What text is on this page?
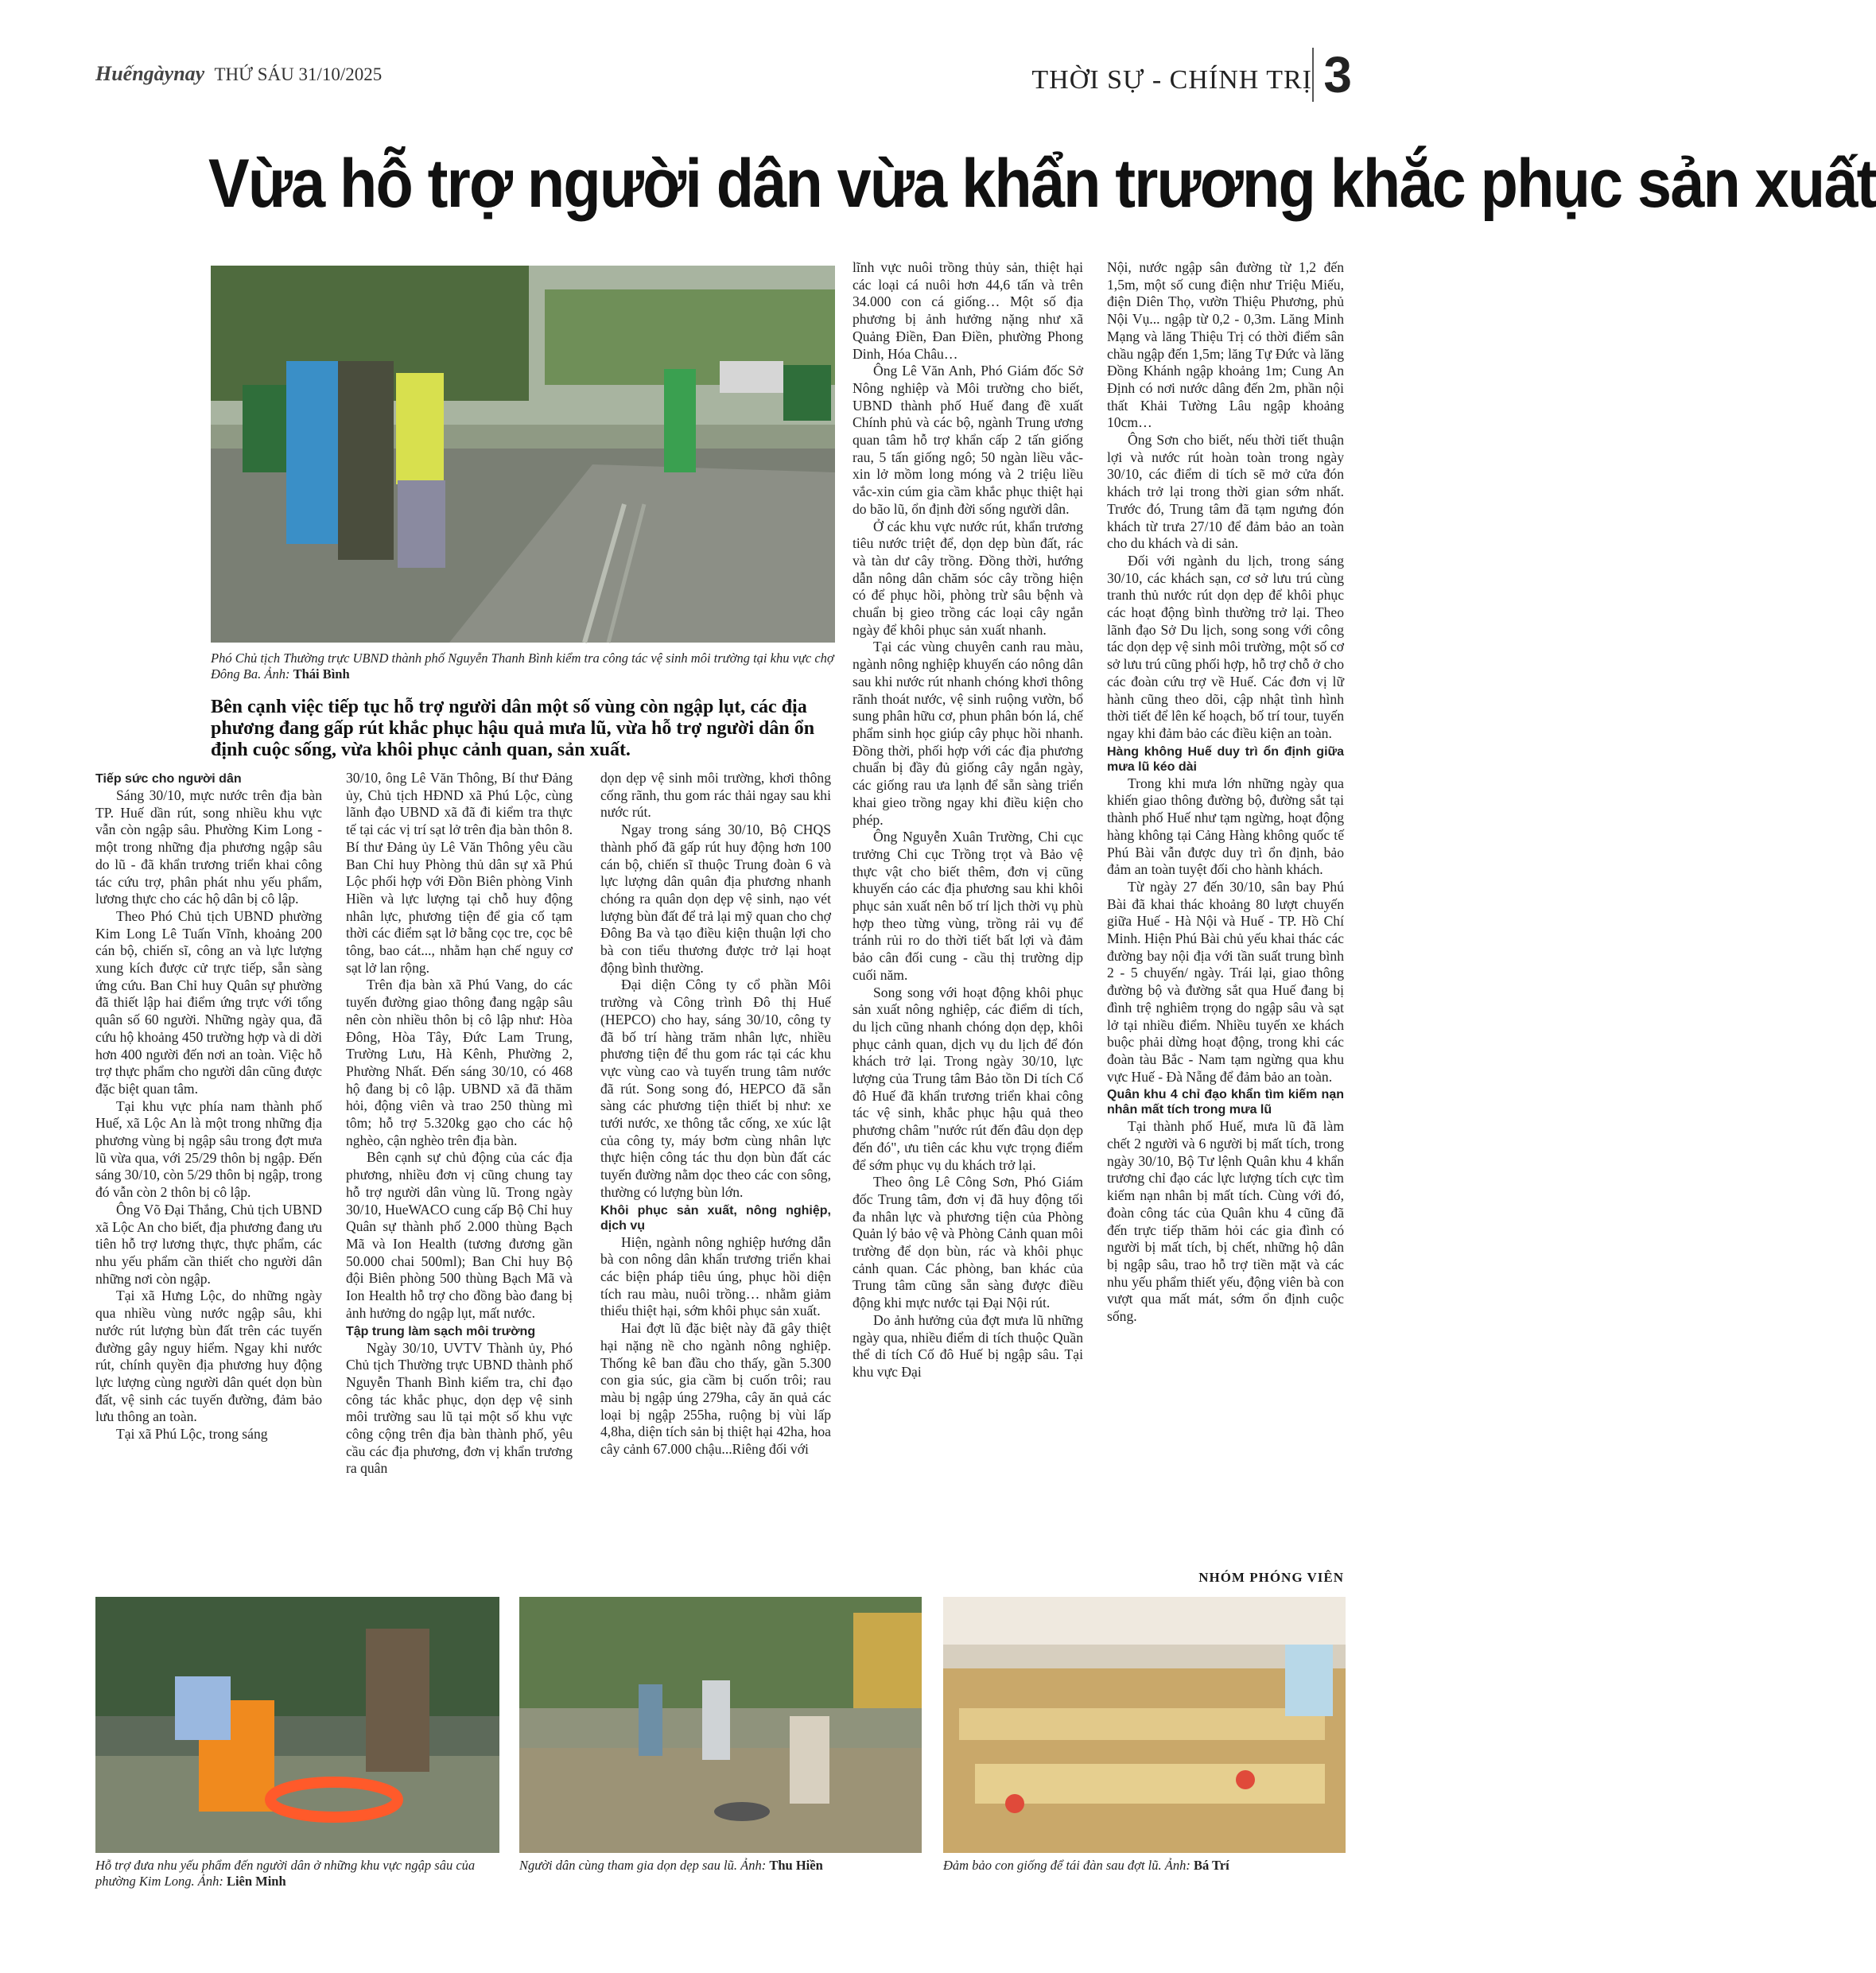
Huếngàynay THỨ SÁU 31/10/2025	THỜI SỰ - CHÍNH TRỊ 3
Vừa hỗ trợ người dân vừa khẩn trương khắc phục sản xuất
Phó Chủ tịch Thường trực UBND thành phố Nguyễn Thanh Bình kiểm tra công tác vệ sinh môi trường tại khu vực chợ Đông Ba. Ảnh: Thái Bình
Bên cạnh việc tiếp tục hỗ trợ người dân một số vùng còn ngập lụt, các địa phương đang gấp rút khắc phục hậu quả mưa lũ, vừa hỗ trợ người dân ổn định cuộc sống, vừa khôi phục cảnh quan, sản xuất.
Tiếp sức cho người dân

Sáng 30/10, mực nước trên địa bàn TP. Huế dần rút, song nhiều khu vực vẫn còn ngập sâu. Phường Kim Long - một trong những địa phương ngập sâu do lũ - đã khẩn trương triển khai công tác cứu trợ, phân phát nhu yếu phẩm, lương thực cho các hộ dân bị cô lập.

Theo Phó Chủ tịch UBND phường Kim Long Lê Tuấn Vĩnh, khoảng 200 cán bộ, chiến sĩ, công an và lực lượng xung kích được cử trực tiếp, sẵn sàng ứng cứu. Ban Chỉ huy Quân sự phường đã thiết lập hai điểm ứng trực với tổng quân số 60 người. Những ngày qua, đã cứu hộ khoảng 450 trường hợp và di dời hơn 400 người đến nơi an toàn. Việc hỗ trợ thực phẩm cho người dân cũng được đặc biệt quan tâm.

Tại khu vực phía nam thành phố Huế, xã Lộc An là một trong những địa phương vùng bị ngập sâu trong đợt mưa lũ vừa qua, với 25/29 thôn bị ngập. Đến sáng 30/10, còn 5/29 thôn bị ngập, trong đó vẫn còn 2 thôn bị cô lập.

Ông Võ Đại Thắng, Chủ tịch UBND xã Lộc An cho biết, địa phương đang ưu tiên hỗ trợ lương thực, thực phẩm, các nhu yếu phẩm cần thiết cho người dân những nơi còn ngập.

Tại xã Hưng Lộc, do những ngày qua nhiều vùng nước ngập sâu, khi nước rút lượng bùn đất trên các tuyến đường gây nguy hiểm. Ngay khi nước rút, chính quyền địa phương huy động lực lượng cùng người dân quét dọn bùn đất, vệ sinh các tuyến đường, đảm bảo lưu thông an toàn.

Tại xã Phú Lộc, trong sáng

30/10, ông Lê Văn Thông, Bí thư Đảng ủy, Chủ tịch HĐND xã Phú Lộc, cùng lãnh đạo UBND xã đã đi kiểm tra thực tế tại các vị trí sạt lở trên địa bàn thôn 8. Bí thư Đảng ủy Lê Văn Thông yêu cầu Ban Chỉ huy Phòng thủ dân sự xã Phú Lộc phối hợp với Đồn Biên phòng Vinh Hiền và lực lượng tại chỗ huy động nhân lực, phương tiện để gia cố tạm thời các điểm sạt lở bằng cọc tre, cọc bê tông, bao cát..., nhằm hạn chế nguy cơ sạt lở lan rộng.

Trên địa bàn xã Phú Vang, do các tuyến đường giao thông đang ngập sâu nên còn nhiều thôn bị cô lập như: Hòa Đông, Hòa Tây, Đức Lam Trung, Trường Lưu, Hà Kênh, Phường 2, Phường Nhất. Đến sáng 30/10, có 468 hộ đang bị cô lập. UBND xã đã thăm hỏi, động viên và trao 250 thùng mì tôm; hỗ trợ 5.320kg gạo cho các hộ nghèo, cận nghèo trên địa bàn.

Bên cạnh sự chủ động của các địa phương, nhiều đơn vị cũng chung tay hỗ trợ người dân vùng lũ. Trong ngày 30/10, HueWACO cung cấp Bộ Chỉ huy Quân sự thành phố 2.000 thùng Bạch Mã và Ion Health (tương đương gần 50.000 chai 500ml); Ban Chỉ huy Bộ đội Biên phòng 500 thùng Bạch Mã và Ion Health hỗ trợ cho đồng bào đang bị ảnh hưởng do ngập lụt, mất nước.

Tập trung làm sạch môi trường

Ngày 30/10, UVTV Thành ủy, Phó Chủ tịch Thường trực UBND thành phố Nguyễn Thanh Bình kiểm tra, chỉ đạo công tác khắc phục, dọn dẹp vệ sinh môi trường sau lũ tại một số khu vực công cộng trên địa bàn thành phố, yêu cầu các địa phương, đơn vị khẩn trương ra quân

dọn dẹp vệ sinh môi trường, khơi thông cống rãnh, thu gom rác thải ngay sau khi nước rút.

Ngay trong sáng 30/10, Bộ CHQS thành phố đã gấp rút huy động hơn 100 cán bộ, chiến sĩ thuộc Trung đoàn 6 và lực lượng dân quân địa phương nhanh chóng ra quân dọn dẹp vệ sinh, nạo vét lượng bùn đất để trả lại mỹ quan cho chợ Đông Ba và tạo điều kiện thuận lợi cho bà con tiểu thương được trở lại hoạt động bình thường.

Đại diện Công ty cổ phần Môi trường và Công trình Đô thị Huế (HEPCO) cho hay, sáng 30/10, công ty đã bố trí hàng trăm nhân lực, nhiều phương tiện để thu gom rác tại các khu vực vùng cao và tuyến trung tâm nước đã rút. Song song đó, HEPCO đã sẵn sàng các phương tiện thiết bị như: xe tưới nước, xe thông tắc cống, xe xúc lật của công ty, máy bơm cùng nhân lực thực hiện công tác thu dọn bùn đất các tuyến đường nằm dọc theo các con sông, thường có lượng bùn lớn.

Khôi phục sản xuất, nông nghiệp, dịch vụ

Hiện, ngành nông nghiệp hướng dẫn bà con nông dân khẩn trương triển khai các biện pháp tiêu úng, phục hồi diện tích rau màu, nuôi trồng… nhằm giảm thiểu thiệt hại, sớm khôi phục sản xuất.

Hai đợt lũ đặc biệt này đã gây thiệt hại nặng nề cho ngành nông nghiệp. Thống kê ban đầu cho thấy, gần 5.300 con gia súc, gia cầm bị cuốn trôi; rau màu bị ngập úng 279ha, cây ăn quả các loại bị ngập 255ha, ruộng bị vùi lấp 4,8ha, diện tích sản bị thiệt hại 42ha, hoa cây cảnh 67.000 chậu...Riêng đối với

lĩnh vực nuôi trồng thủy sản, thiệt hại các loại cá nuôi hơn 44,6 tấn và trên 34.000 con cá giống… Một số địa phương bị ảnh hưởng nặng như xã Quảng Điền, Đan Điền, phường Phong Dinh, Hóa Châu…

Ông Lê Văn Anh, Phó Giám đốc Sở Nông nghiệp và Môi trường cho biết, UBND thành phố Huế đang đề xuất Chính phủ và các bộ, ngành Trung ương quan tâm hỗ trợ khẩn cấp 2 tấn giống rau, 5 tấn giống ngô; 50 ngàn liều vắc-xin lở mồm long móng và 2 triệu liều vắc-xin cúm gia cầm khắc phục thiệt hại do bão lũ, ổn định đời sống người dân.

Ở các khu vực nước rút, khẩn trương tiêu nước triệt để, dọn dẹp bùn đất, rác và tàn dư cây trồng. Đồng thời, hướng dẫn nông dân chăm sóc cây trồng hiện có để phục hồi, phòng trừ sâu bệnh và chuẩn bị gieo trồng các loại cây ngắn ngày để khôi phục sản xuất nhanh.

Tại các vùng chuyên canh rau màu, ngành nông nghiệp khuyến cáo nông dân sau khi nước rút nhanh chóng khơi thông rãnh thoát nước, vệ sinh ruộng vườn, bổ sung phân hữu cơ, phun phân bón lá, chế phẩm sinh học giúp cây phục hồi nhanh. Đồng thời, phối hợp với các địa phương chuẩn bị đầy đủ giống cây ngắn ngày, các giống rau ưa lạnh để sẵn sàng triển khai gieo trồng ngay khi điều kiện cho phép.

Ông Nguyễn Xuân Trường, Chi cục trưởng Chi cục Trồng trọt và Bảo vệ thực vật cho biết thêm, đơn vị cũng khuyến cáo các địa phương sau khi khôi phục sản xuất nên bố trí lịch thời vụ phù hợp theo từng vùng, trồng rải vụ để tránh rủi ro do thời tiết bất lợi và đảm bảo cân đối cung - cầu thị trường dịp cuối năm.

Song song với hoạt động khôi phục sản xuất nông nghiệp, các điểm di tích, du lịch cũng nhanh chóng dọn dẹp, khôi phục cảnh quan, dịch vụ du lịch để đón khách trở lại. Trong ngày 30/10, lực lượng của Trung tâm Bảo tồn Di tích Cố đô Huế đã khẩn trương triển khai công tác vệ sinh, khắc phục hậu quả theo phương châm "nước rút đến đâu dọn dẹp đến đó", ưu tiên các khu vực trọng điểm để sớm phục vụ du khách trở lại.

Theo ông Lê Công Sơn, Phó Giám đốc Trung tâm, đơn vị đã huy động tối đa nhân lực và phương tiện của Phòng Quản lý bảo vệ và Phòng Cảnh quan môi trường để dọn bùn, rác và khôi phục cảnh quan. Các phòng, ban khác của Trung tâm cũng sẵn sàng được điều động khi mực nước tại Đại Nội rút.

Do ảnh hưởng của đợt mưa lũ những ngày qua, nhiều điểm di tích thuộc Quần thể di tích Cố đô Huế bị ngập sâu. Tại khu vực Đại

Nội, nước ngập sân đường từ 1,2 đến 1,5m, một số cung điện như Triệu Miếu, điện Diên Thọ, vườn Thiệu Phương, phủ Nội Vụ... ngập từ 0,2 - 0,3m. Lăng Minh Mạng và lăng Thiệu Trị có thời điểm sân chầu ngập đến 1,5m; lăng Tự Đức và lăng Đồng Khánh ngập khoảng 1m; Cung An Định có nơi nước dâng đến 2m, phần nội thất Khải Tường Lâu ngập khoảng 10cm…

Ông Sơn cho biết, nếu thời tiết thuận lợi và nước rút hoàn toàn trong ngày 30/10, các điểm di tích sẽ mở cửa đón khách trở lại trong thời gian sớm nhất. Trước đó, Trung tâm đã tạm ngưng đón khách từ trưa 27/10 để đảm bảo an toàn cho du khách và di sản.

Đối với ngành du lịch, trong sáng 30/10, các khách sạn, cơ sở lưu trú cùng tranh thủ nước rút dọn dẹp để khôi phục các hoạt động bình thường trở lại. Theo lãnh đạo Sở Du lịch, song song với công tác dọn dẹp vệ sinh môi trường, một số cơ sở lưu trú cũng phối hợp, hỗ trợ chỗ ở cho các đoàn cứu trợ về Huế. Các đơn vị lữ hành cũng theo dõi, cập nhật tình hình thời tiết để lên kế hoạch, bố trí tour, tuyến ngay khi đảm bảo các điều kiện an toàn.

Hàng không Huế duy trì ổn định giữa mưa lũ kéo dài

Trong khi mưa lớn những ngày qua khiến giao thông đường bộ, đường sắt tại thành phố Huế như tạm ngừng, hoạt động hàng không tại Cảng Hàng không quốc tế Phú Bài vẫn được duy trì ổn định, bảo đảm an toàn tuyệt đối cho hành khách.

Từ ngày 27 đến 30/10, sân bay Phú Bài đã khai thác khoảng 80 lượt chuyến giữa Huế - Hà Nội và Huế - TP. Hồ Chí Minh. Hiện Phú Bài chủ yếu khai thác các đường bay nội địa với tần suất trung bình 2 - 5 chuyến/ ngày. Trái lại, giao thông đường bộ và đường sắt qua Huế đang bị đình trệ nghiêm trọng do ngập sâu và sạt lở tại nhiều điểm. Nhiều tuyến xe khách buộc phải dừng hoạt động, trong khi các đoàn tàu Bắc - Nam tạm ngừng qua khu vực Huế - Đà Nẵng để đảm bảo an toàn.

Quân khu 4 chỉ đạo khẩn tìm kiếm nạn nhân mất tích trong mưa lũ

Tại thành phố Huế, mưa lũ đã làm chết 2 người và 6 người bị mất tích, trong ngày 30/10, Bộ Tư lệnh Quân khu 4 khẩn trương chỉ đạo các lực lượng tích cực tìm kiếm nạn nhân bị mất tích. Cùng với đó, đoàn công tác của Quân khu 4 cũng đã đến trực tiếp thăm hỏi các gia đình có người bị mất tích, bị chết, những hộ dân bị ngập sâu, trao hỗ trợ tiền mặt và các nhu yếu phẩm thiết yếu, động viên bà con vượt qua mất mát, sớm ổn định cuộc sống.

NHÓM PHÓNG VIÊN
Hỗ trợ đưa nhu yếu phẩm đến người dân ở những khu vực ngập sâu của phường Kim Long. Ảnh: Liên Minh
Người dân cùng tham gia dọn dẹp sau lũ. Ảnh: Thu Hiền	Đảm bảo con giống để tái đàn sau đợt lũ. Ảnh: Bá Trí
